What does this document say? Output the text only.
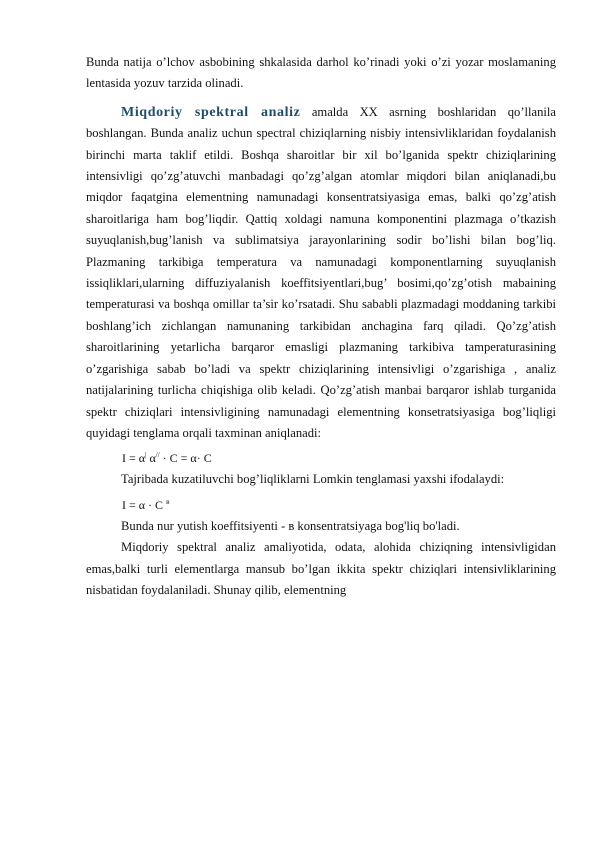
Bunda natija o’lchov asbobining shkalasida darhol ko’rinadi yoki o’zi yozar moslamaning lentasida yozuv tarzida olinadi.

Miqdoriy spektral analiz amalda XX asrning boshlaridan qo’llanila boshlangan. Bunda analiz uchun spectral chiziqlarning nisbiy intensivliklaridan foydalanish birinchi marta taklif etildi. Boshqa sharoitlar bir xil bo’lganida spektr chiziqlarining intensivligi qo’zg’atuvchi manbadagi qo’zg’algan atomlar miqdori bilan aniqlanadi,bu miqdor faqatgina elementning namunadagi konsentratsiyasiga emas, balki qo’zg’atish sharoitlariga ham bog’liqdir. Qattiq xoldagi namuna komponentini plazmaga o’tkazish suyuqlanish,bug’lanish va sublimatsiya jarayonlarining sodir bo’lishi bilan bog’liq. Plazmaning tarkibiga temperatura va namunadagi komponentlarning suyuqlanish issiqliklari,ularning diffuziyalanish koeffitsiyentlari,bug’ bosimi,qo’zg’otish mabaining temperaturasi va boshqa omillar ta’sir ko’rsatadi. Shu sababli plazmadagi moddaning tarkibi boshlang’ich zichlangan namunaning tarkibidan anchagina farq qiladi. Qo’zg’atish sharoitlarining yetarlicha barqaror emasligi plazmaning tarkibiva tamperaturasining o’zgarishiga sabab bo’ladi va spektr chiziqlarining intensivligi o’zgarishiga , analiz natijalarining turlicha chiqishiga olib keladi. Qo’zg’atish manbai barqaror ishlab turganida spektr chiziqlari intensivligining namunadagi elementning konsetratsiyasiga bog’liqligi quyidagi tenglama orqali taxminan aniqlanadi:

I = α| α// · C = α· C

Tajribada kuzatiluvchi bog’liqliklarni Lomkin tenglamasi yaxshi ifodalaydi:

I = α · C $^в$

Bunda nur yutish koeffitsiyenti - в konsentratsiyaga bog'liq bo'ladi.

Miqdoriy spektral analiz amaliyotida, odata, alohida chiziqning intensivligidan emas,balki turli elementlarga mansub bo’lgan ikkita spektr chiziqlari intensivliklarining nisbatidan foydalaniladi. Shunay qilib, elementning
